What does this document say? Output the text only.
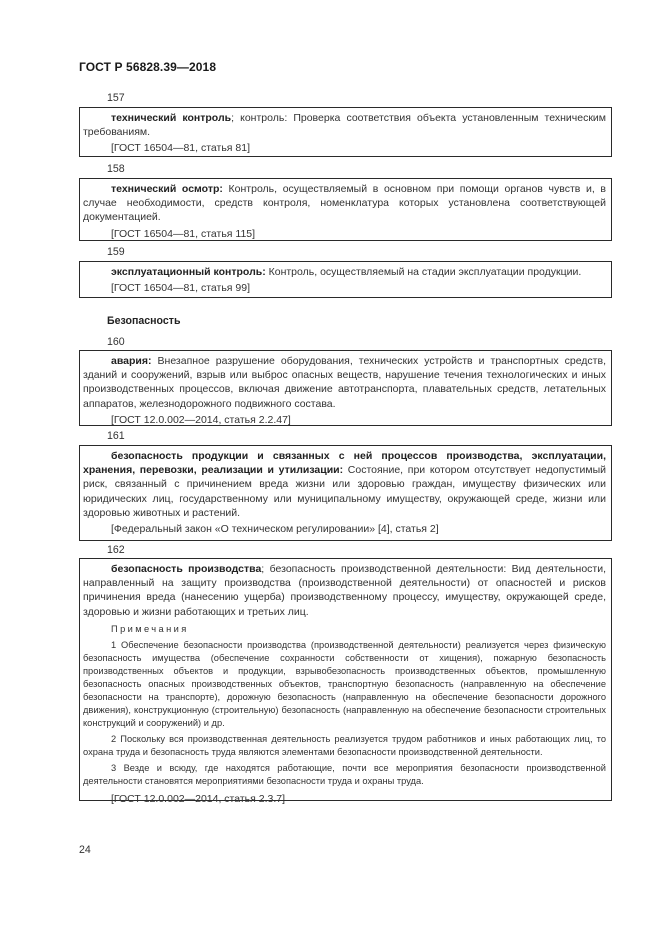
ГОСТ Р 56828.39—2018
157

технический контроль; контроль: Проверка соответствия объекта установленным техническим требованиям.

[ГОСТ 16504—81, статья 81]

158

технический осмотр: Контроль, осуществляемый в основном при помощи органов чувств и, в случае необходимости, средств контроля, номенклатура которых установлена соответствующей документацией.

[ГОСТ 16504—81, статья 115]

159

эксплуатационный контроль: Контроль, осуществляемый на стадии эксплуатации продукции.

[ГОСТ 16504—81, статья 99]

Безопасность
160

авария: Внезапное разрушение оборудования, технических устройств и транспортных средств, зданий и сооружений, взрыв или выброс опасных веществ, нарушение течения технологических и иных производственных процессов, включая движение автотранспорта, плавательных средств, летательных аппаратов, железнодорожного подвижного состава.

[ГОСТ 12.0.002—2014, статья 2.2.47]

161

безопасность продукции и связанных с ней процессов производства, эксплуатации, хранения, перевозки, реализации и утилизации: Состояние, при котором отсутствует недопустимый риск, связанный с причинением вреда жизни или здоровью граждан, имуществу физических или юридических лиц, государственному или муниципальному имуществу, окружающей среде, жизни или здоровью животных и растений.

[Федеральный закон «О техническом регулировании» [4], статья 2]

162

безопасность производства; безопасность производственной деятельности: Вид деятельности, направленный на защиту производства (производственной деятельности) от опасностей и рисков причинения вреда (нанесению ущерба) производственному процессу, имуществу, окружающей среде, здоровью и жизни работающих и третьих лиц.

Примечания

1 Обеспечение безопасности производства (производственной деятельности) реализуется через физическую безопасность имущества (обеспечение сохранности собственности от хищения), пожарную безопасность производственных объектов и продукции, взрывобезопасность производственных объектов, промышленную безопасность опасных производственных объектов, транспортную безопасность (направленную на обеспечение безопасности на транспорте), дорожную безопасность (направленную на обеспечение безопасности дорожного движения), конструкционную (строительную) безопасность (направленную на обеспечение безопасности строительных конструкций и сооружений) и др.

2 Поскольку вся производственная деятельность реализуется трудом работников и иных работающих лиц, то охрана труда и безопасность труда являются элементами безопасности производственной деятельности.

3 Везде и всюду, где находятся работающие, почти все мероприятия безопасности производственной деятельности становятся мероприятиями безопасности труда и охраны труда.

[ГОСТ 12.0.002—2014, статья 2.3.7]

24
